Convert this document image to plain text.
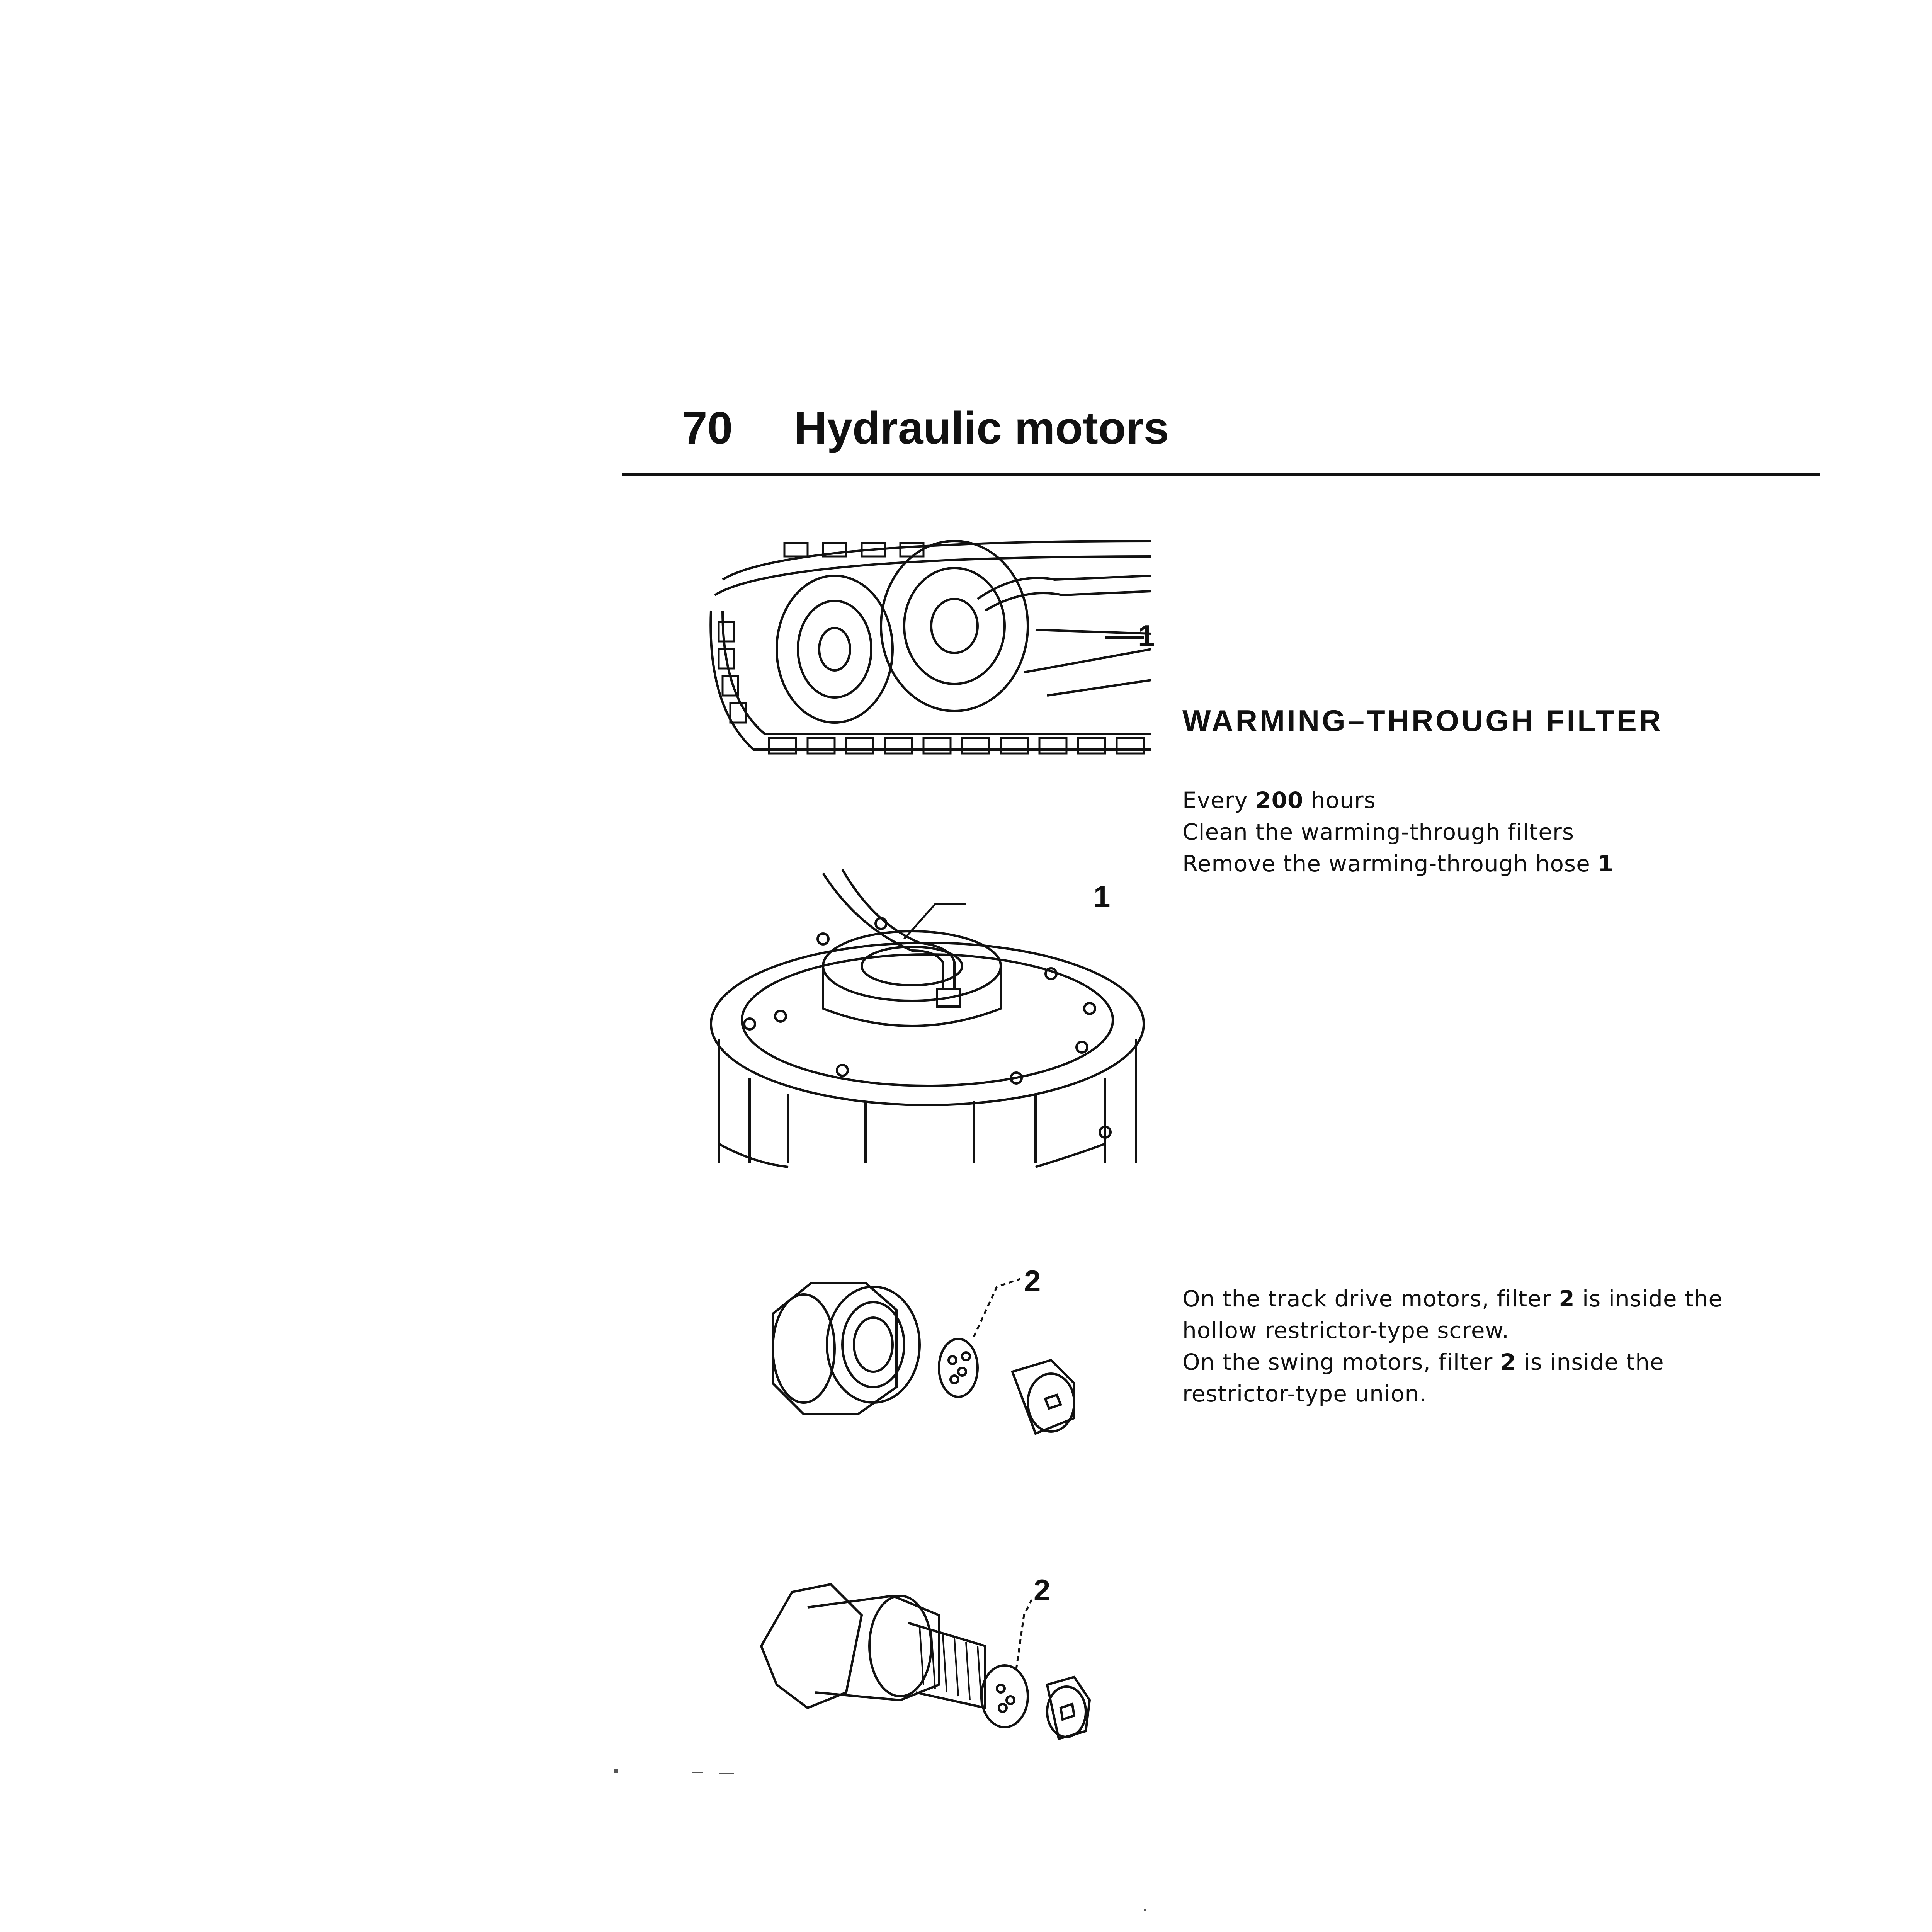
70 Hydraulic motors
1
1
2
2
WARMING–THROUGH FILTER
Every 200 hours
Clean the warming-through filters
Remove the warming-through hose 1
On the track drive motors, filter 2 is inside the
hollow restrictor-type screw.
On the swing motors, filter 2 is inside the
restrictor-type union.
